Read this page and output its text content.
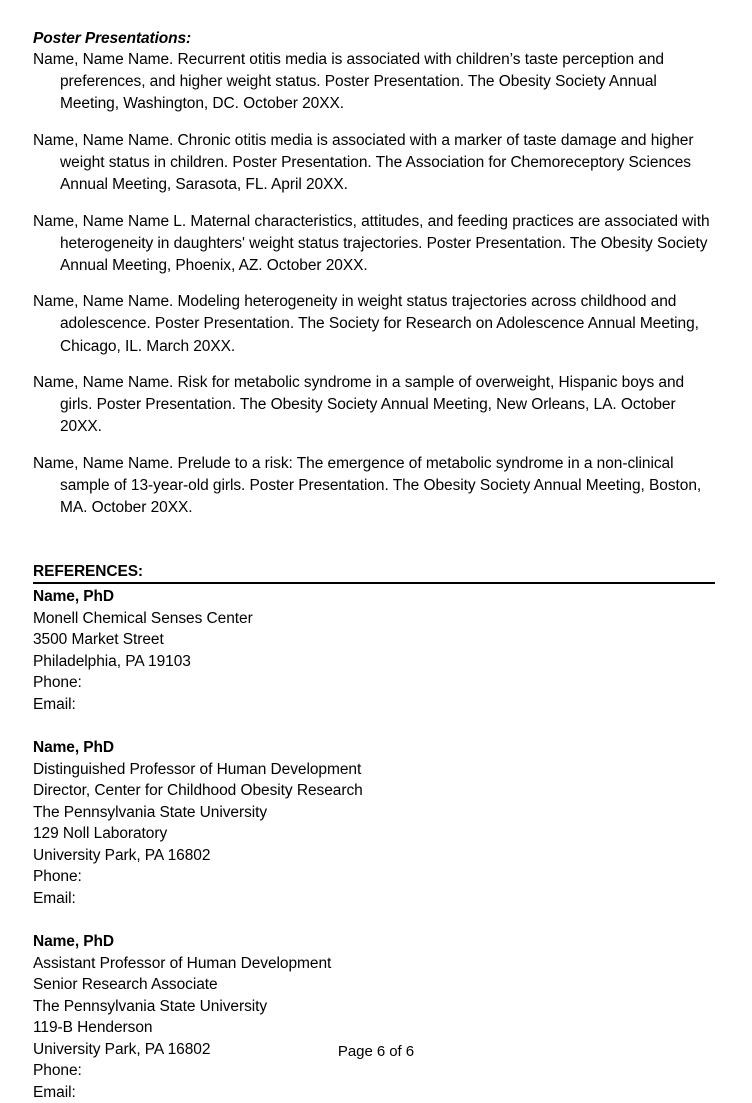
Poster Presentations:

Name, Name Name. Recurrent otitis media is associated with children’s taste perception and preferences, and higher weight status. Poster Presentation. The Obesity Society Annual Meeting, Washington, DC. October 20XX.

Name, Name Name. Chronic otitis media is associated with a marker of taste damage and higher weight status in children. Poster Presentation. The Association for Chemoreceptory Sciences Annual Meeting, Sarasota, FL. April 20XX.

Name, Name Name L. Maternal characteristics, attitudes, and feeding practices are associated with heterogeneity in daughters' weight status trajectories. Poster Presentation. The Obesity Society Annual Meeting, Phoenix, AZ. October 20XX.

Name, Name Name. Modeling heterogeneity in weight status trajectories across childhood and adolescence. Poster Presentation. The Society for Research on Adolescence Annual Meeting, Chicago, IL. March 20XX.

Name, Name Name. Risk for metabolic syndrome in a sample of overweight, Hispanic boys and girls. Poster Presentation. The Obesity Society Annual Meeting, New Orleans, LA. October 20XX.

Name, Name Name. Prelude to a risk: The emergence of metabolic syndrome in a non-clinical sample of 13-year-old girls. Poster Presentation. The Obesity Society Annual Meeting, Boston, MA. October 20XX.

REFERENCES:
Name, PhD
Monell Chemical Senses Center
3500 Market Street
Philadelphia, PA 19103
Phone:
Email:
Name, PhD
Distinguished Professor of Human Development
Director, Center for Childhood Obesity Research
The Pennsylvania State University
129 Noll Laboratory
University Park, PA 16802
Phone:
Email:
Name, PhD
Assistant Professor of Human Development
Senior Research Associate
The Pennsylvania State University
119-B Henderson
University Park, PA 16802
Phone:
Email:
Page 6 of 6
